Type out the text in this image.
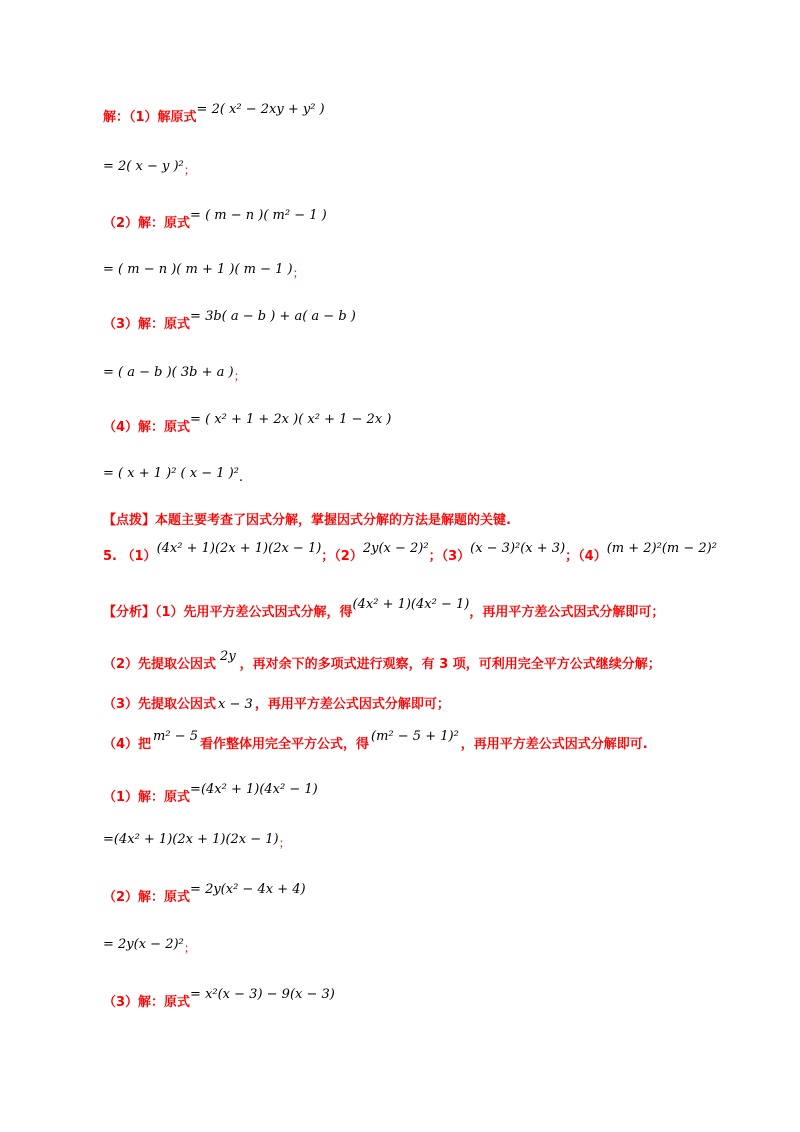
解：（1）解原式$^{= 2( x^2 - 2xy + y^2 )}$
= 2( x − y )$^2_;$
（2）解：原式$^{= ( m - n )( m^2 - 1 )}$
= ( m − n )( m + 1 )( m − 1 )$_;$
（3）解：原式$^{= 3b( a - b ) + a( a - b )}$
= ( a − b )( 3b + a )$_;$
（4）解：原式$^{= ( x^2 + 1 + 2x )( x^2 + 1 - 2x )}$
= ( x + 1 )² ( x − 1 )$^2_.$
【点拨】本题主要考查了因式分解，掌握因式分解的方法是解题的关键.
5. $(1)^{(4x^2 + 1)(2x + 1)(2x - 1)}$；$(2)^{2y(x - 2)^2}$；$(3)^{(x - 3)^2(x + 3)}$；$(4)^{(m + 2)^2(m - 2)^2}$
【分析】（1）先用平方差公式因式分解，得$^{(4x^2 + 1)(4x^2 - 1)}$，再用平方差公式因式分解即可；
（2）先提取公因式$^{2y}$，再对余下的多项式进行观察，有 3 项，可利用完全平方公式继续分解；
（3）先提取公因式 x − 3 ，再用平方差公式因式分解即可；
（4）把$^{m^2 - 5}$看作整体用完全平方公式，得$^{(m^2 - 5 + 1)^2}$，再用平方差公式因式分解即可.
（1）解：原式$^{=(4x^2 + 1)(4x^2 - 1)}$
$=(4x^2 + 1)(2x + 1)(2x - 1)_;$
（2）解：原式$^{= 2y(x^2 - 4x + 4)}$
= $2y(x - 2)^2_;$
（3）解：原式$^{= x^2(x - 3) - 9(x - 3)}$
